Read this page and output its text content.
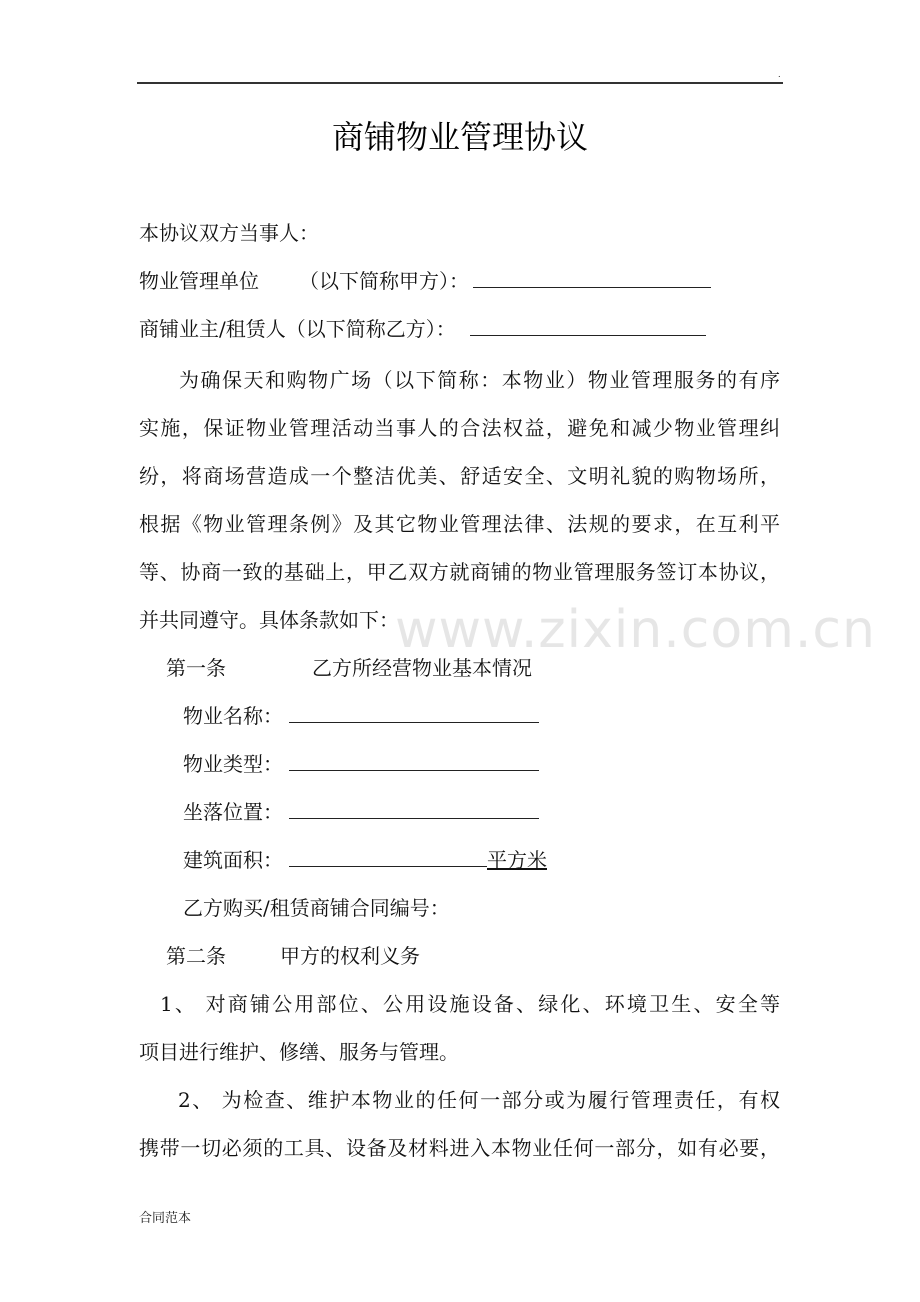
.
商铺物业管理协议
本协议双方当事人：
物业管理单位 （以下简称甲方）：
商铺业主/租赁人（以下简称乙方）：
为确保天和购物广场（以下简称：本物业）物业管理服务的有序
实施，保证物业管理活动当事人的合法权益，避免和减少物业管理纠
纷，将商场营造成一个整洁优美、舒适安全、文明礼貌的购物场所，
根据《物业管理条例》及其它物业管理法律、法规的要求，在互利平
等、协商一致的基础上，甲乙双方就商铺的物业管理服务签订本协议，
并共同遵守。具体条款如下：
www.zixin.com.cn
第一条	乙方所经营物业基本情况
物业名称：
物业类型：
坐落位置：
建筑面积：	平方米
乙方购买/租赁商铺合同编号：
第二条	甲方的权利义务
1、 对商铺公用部位、公用设施设备、绿化、环境卫生、安全等
项目进行维护、修缮、服务与管理。
2、 为检查、维护本物业的任何一部分或为履行管理责任，有权
携带一切必须的工具、设备及材料进入本物业任何一部分，如有必要，
合同范本
